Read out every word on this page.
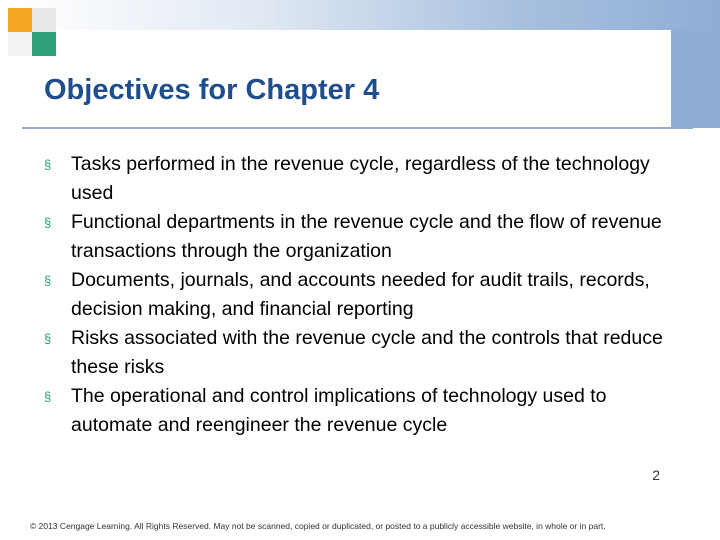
Objectives for Chapter 4
§ Tasks performed in the revenue cycle, regardless of the technology used
§ Functional departments in the revenue cycle and the flow of revenue transactions through the organization
§ Documents, journals, and accounts needed for audit trails, records, decision making, and financial reporting
§ Risks associated with the revenue cycle and the controls that reduce these risks
§ The operational and control implications of technology used to automate and reengineer the revenue cycle
2
© 2013 Cengage Learning. All Rights Reserved. May not be scanned, copied or duplicated, or posted to a publicly accessible website, in whole or in part.
